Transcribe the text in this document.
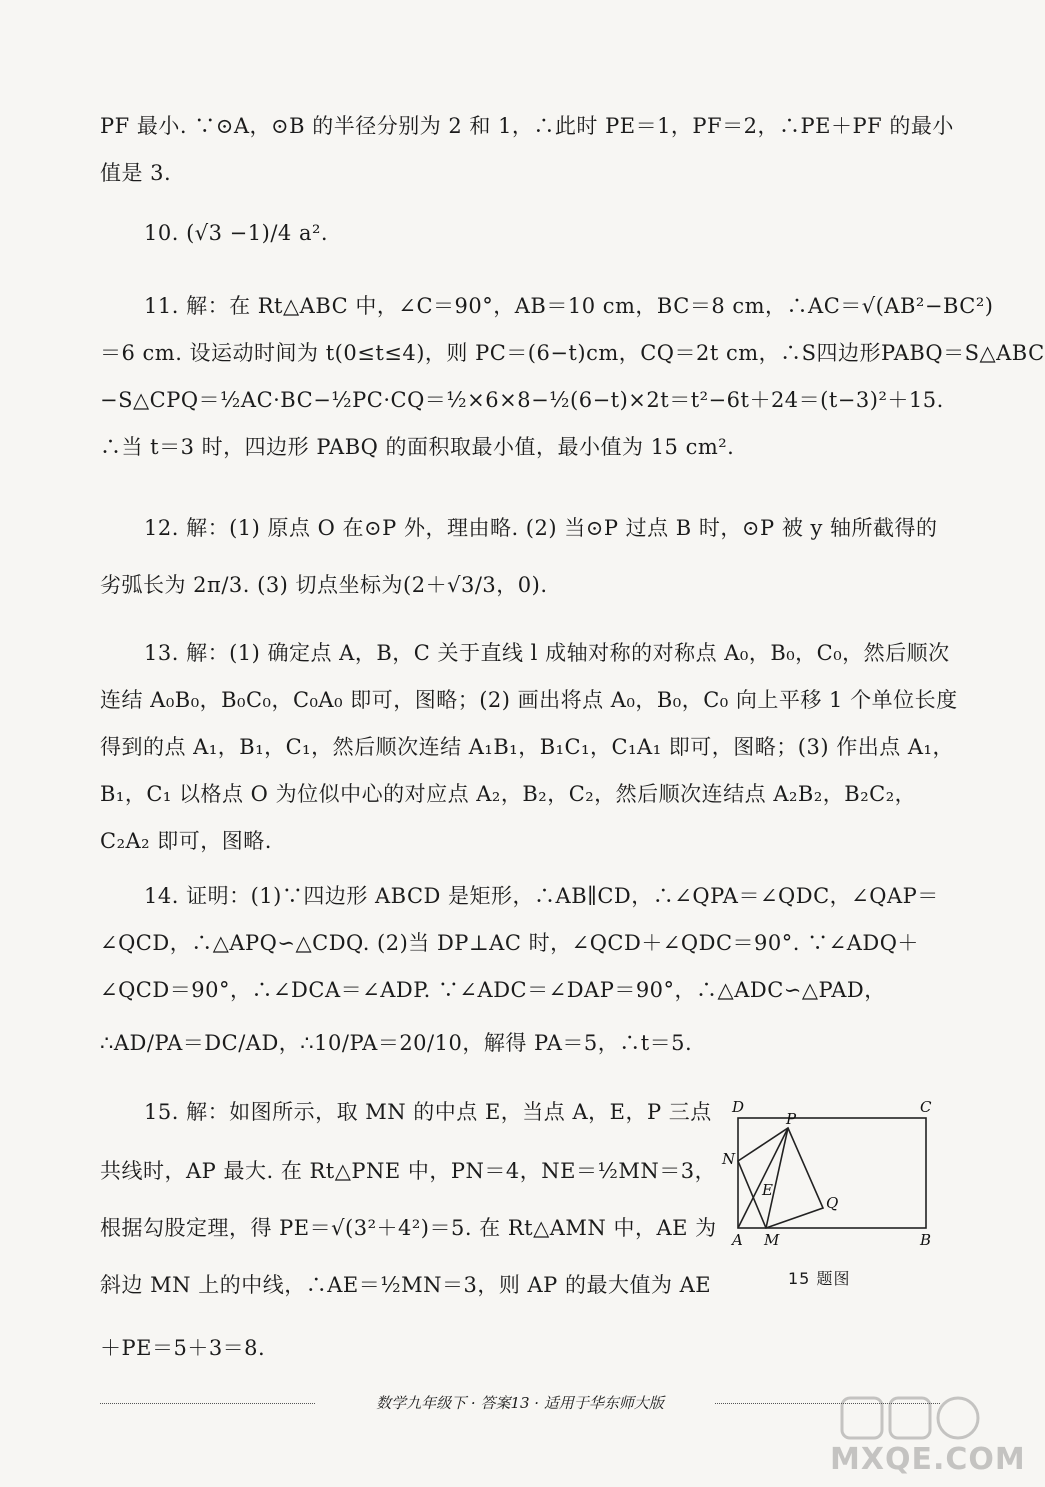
PF 最小. ∵⊙A，⊙B 的半径分别为 2 和 1，∴此时 PE＝1，PF＝2，∴PE＋PF 的最小
值是 3.
10. (√3 −1)/4 a².
11. 解：在 Rt△ABC 中，∠C＝90°，AB＝10 cm，BC＝8 cm，∴AC＝√(AB²−BC²)
＝6 cm. 设运动时间为 t(0≤t≤4)，则 PC＝(6−t)cm，CQ＝2t cm，∴S四边形PABQ＝S△ABC
−S△CPQ＝½AC·BC−½PC·CQ＝½×6×8−½(6−t)×2t＝t²−6t＋24＝(t−3)²＋15.
∴当 t＝3 时，四边形 PABQ 的面积取最小值，最小值为 15 cm².
12. 解：(1) 原点 O 在⊙P 外，理由略. (2) 当⊙P 过点 B 时，⊙P 被 y 轴所截得的
劣弧长为 2π/3. (3) 切点坐标为(2＋√3/3，0).
13. 解：(1) 确定点 A，B，C 关于直线 l 成轴对称的对称点 A₀，B₀，C₀，然后顺次
连结 A₀B₀，B₀C₀，C₀A₀ 即可，图略；(2) 画出将点 A₀，B₀，C₀ 向上平移 1 个单位长度
得到的点 A₁，B₁，C₁，然后顺次连结 A₁B₁，B₁C₁，C₁A₁ 即可，图略；(3) 作出点 A₁，
B₁，C₁ 以格点 O 为位似中心的对应点 A₂，B₂，C₂，然后顺次连结点 A₂B₂，B₂C₂，
C₂A₂ 即可，图略.
14. 证明：(1)∵四边形 ABCD 是矩形，∴AB∥CD，∴∠QPA＝∠QDC，∠QAP＝
∠QCD，∴△APQ∽△CDQ. (2)当 DP⊥AC 时，∠QCD＋∠QDC＝90°. ∵∠ADQ＋
∠QCD＝90°，∴∠DCA＝∠ADP. ∵∠ADC＝∠DAP＝90°，∴△ADC∽△PAD，
∴AD/PA＝DC/AD，∴10/PA＝20/10，解得 PA＝5，∴t＝5.
15. 解：如图所示，取 MN 的中点 E，当点 A，E，P 三点
共线时，AP 最大. 在 Rt△PNE 中，PN＝4，NE＝½MN＝3，
根据勾股定理，得 PE＝√(3²＋4²)＝5. 在 Rt△AMN 中，AE 为
斜边 MN 上的中线，∴AE＝½MN＝3，则 AP 的最大值为 AE
＋PE＝5＋3＝8.
D	C
P
N
E
Q
A M	B
15 题图
数学九年级下 · 答案13 · 适用于华东师大版
MXQE.COM
